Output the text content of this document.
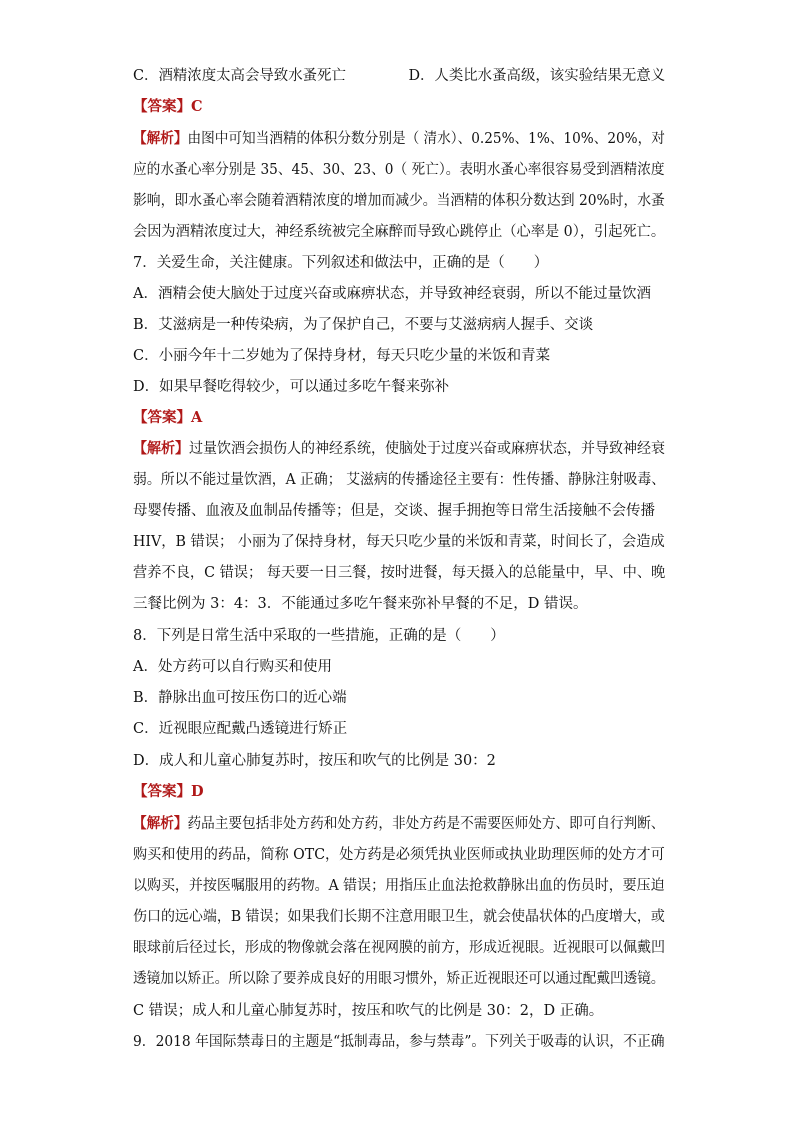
C．酒精浓度太高会导致水蚤死亡	D．人类比水蚤高级，该实验结果无意义
【答案】C
【解析】由图中可知当酒精的体积分数分别是（ 清水）、0.25%、1%、10%、20%，对
应的水蚤心率分别是 35、45、30、23、0（ 死亡）。表明水蚤心率很容易受到酒精浓度
影响，即水蚤心率会随着酒精浓度的增加而减少。当酒精的体积分数达到 20%时，水蚤
会因为酒精浓度过大，神经系统被完全麻醉而导致心跳停止（心率是 0），引起死亡。
7．关爱生命，关注健康。下列叙述和做法中，正确的是（　　）
A．酒精会使大脑处于过度兴奋或麻痹状态，并导致神经衰弱，所以不能过量饮酒
B．艾滋病是一种传染病，为了保护自己，不要与艾滋病病人握手、交谈
C．小丽今年十二岁她为了保持身材，每天只吃少量的米饭和青菜
D．如果早餐吃得较少，可以通过多吃午餐来弥补
【答案】A
【解析】过量饮酒会损伤人的神经系统，使脑处于过度兴奋或麻痹状态，并导致神经衰
弱。所以不能过量饮酒，A 正确； 艾滋病的传播途径主要有：性传播、静脉注射吸毒、
母婴传播、血液及血制品传播等；但是，交谈、握手拥抱等日常生活接触不会传播
HIV，B 错误； 小丽为了保持身材，每天只吃少量的米饭和青菜，时间长了，会造成
营养不良，C 错误； 每天要一日三餐，按时进餐，每天摄入的总能量中，早、中、晚
三餐比例为 3：4：3．不能通过多吃午餐来弥补早餐的不足，D 错误。
8．下列是日常生活中采取的一些措施，正确的是（　　）
A．处方药可以自行购买和使用
B．静脉出血可按压伤口的近心端
C．近视眼应配戴凸透镜进行矫正
D．成人和儿童心肺复苏时，按压和吹气的比例是 30：2
【答案】D
【解析】药品主要包括非处方药和处方药，非处方药是不需要医师处方、即可自行判断、
购买和使用的药品，简称 OTC，处方药是必须凭执业医师或执业助理医师的处方才可
以购买，并按医嘱服用的药物。A 错误；用指压止血法抢救静脉出血的伤员时，要压迫
伤口的远心端，B 错误；如果我们长期不注意用眼卫生，就会使晶状体的凸度增大，或
眼球前后径过长，形成的物像就会落在视网膜的前方，形成近视眼。近视眼可以佩戴凹
透镜加以矫正。所以除了要养成良好的用眼习惯外，矫正近视眼还可以通过配戴凹透镜。
C 错误；成人和儿童心肺复苏时，按压和吹气的比例是 30：2，D 正确。
9．2018 年国际禁毒日的主题是“抵制毒品，参与禁毒”。下列关于吸毒的认识，不正确
